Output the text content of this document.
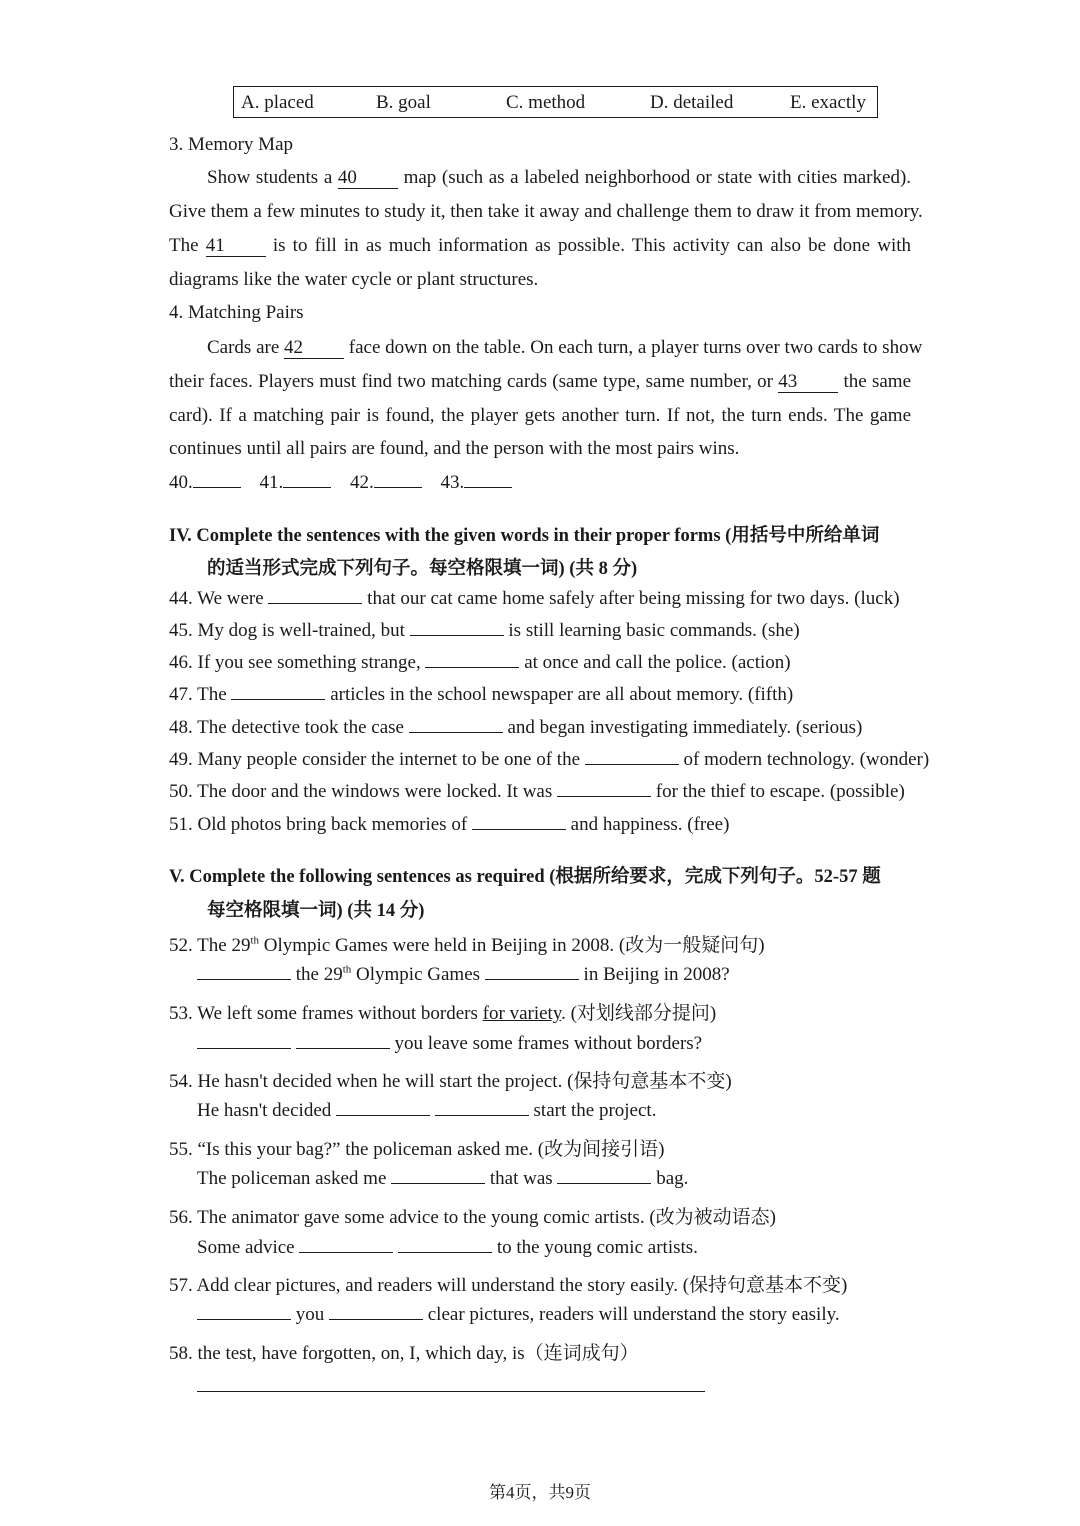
A. placed	B. goal	C. method	D. detailed	E. exactly
3. Memory Map
Show students a 40 map (such as a labeled neighborhood or state with cities marked).
Give them a few minutes to study it, then take it away and challenge them to draw it from memory.
The 41	is to fill in as much information as possible. This activity can also be done with
diagrams like the water cycle or plant structures.
4. Matching Pairs
Cards are 42 face down on the table. On each turn, a player turns over two cards to show
their faces. Players must find two matching cards (same type, same number, or 43 the same
card). If a matching pair is found, the player gets another turn. If not, the turn ends. The game
continues until all pairs are found, and the person with the most pairs wins.
40.	41.	42.	43.
IV. Complete the sentences with the given words in their proper forms (用括号中所给单词
的适当形式完成下列句子。每空格限填一词) (共 8 分)
44. We were	that our cat came home safely after being missing for two days. (luck)
45. My dog is well-trained, but	is still learning basic commands. (she)
46. If you see something strange,	at once and call the police. (action)
47. The	articles in the school newspaper are all about memory. (fifth)
48. The detective took the case	and began investigating immediately. (serious)
49. Many people consider the internet to be one of the	of modern technology. (wonder)
50. The door and the windows were locked. It was	for the thief to escape. (possible)
51. Old photos bring back memories of	and happiness. (free)
V. Complete the following sentences as required (根据所给要求，完成下列句子。52-57 题
每空格限填一词) (共 14 分)
52. The 29th Olympic Games were held in Beijing in 2008. (改为一般疑问句)
the 29th Olympic Games	in Beijing in 2008?
53. We left some frames without borders for variety. (对划线部分提问)
you leave some frames without borders?
54. He hasn't decided when he will start the project. (保持句意基本不变)
He hasn't decided	start the project.
55. “Is this your bag?” the policeman asked me. (改为间接引语)
The policeman asked me	that was	bag.
56. The animator gave some advice to the young comic artists. (改为被动语态)
Some advice	to the young comic artists.
57. Add clear pictures, and readers will understand the story easily. (保持句意基本不变)
you	clear pictures, readers will understand the story easily.
58. the test, have forgotten, on, I, which day, is（连词成句）
第4页，共9页
